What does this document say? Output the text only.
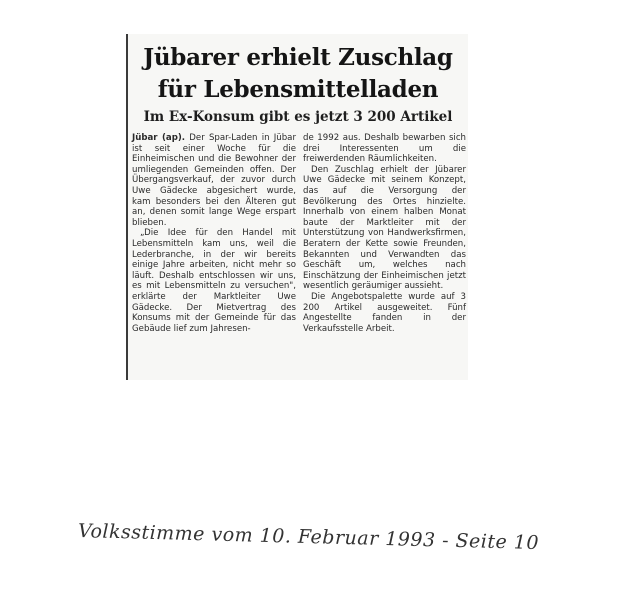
Jübarer erhielt Zuschlag
für Lebensmittelladen
Im Ex-Konsum gibt es jetzt 3 200 Artikel

Jübar (ap). Der Spar-Laden in Jübar ist seit einer Woche für die Einheimischen und die Bewohner der umliegenden Gemeinden offen. Der Übergangsverkauf, der zuvor durch Uwe Gädecke abgesichert wurde, kam besonders bei den Älteren gut an, denen somit lange Wege erspart blieben.

„Die Idee für den Handel mit Lebensmitteln kam uns, weil die Lederbranche, in der wir bereits einige Jahre arbeiten, nicht mehr so läuft. Deshalb entschlossen wir uns, es mit Lebensmitteln zu versuchen", erklärte der Marktleiter Uwe Gädecke. Der Mietvertrag des Konsums mit der Gemeinde für das Gebäude lief zum Jahresen-

de 1992 aus. Deshalb bewarben sich drei Interessenten um die freiwerdenden Räumlichkeiten.

Den Zuschlag erhielt der Jübarer Uwe Gädecke mit seinem Konzept, das auf die Versorgung der Bevölkerung des Ortes hinzielte. Innerhalb von einem halben Monat baute der Marktleiter mit der Unterstützung von Handwerksfirmen, Beratern der Kette sowie Freunden, Bekannten und Verwandten das Geschäft um, welches nach Einschätzung der Einheimischen jetzt wesentlich geräumiger aussieht.

Die Angebotspalette wurde auf 3 200 Artikel ausgeweitet. Fünf Angestellte fanden in der Verkaufsstelle Arbeit.

Volksstimme vom 10. Februar 1993 - Seite 10
